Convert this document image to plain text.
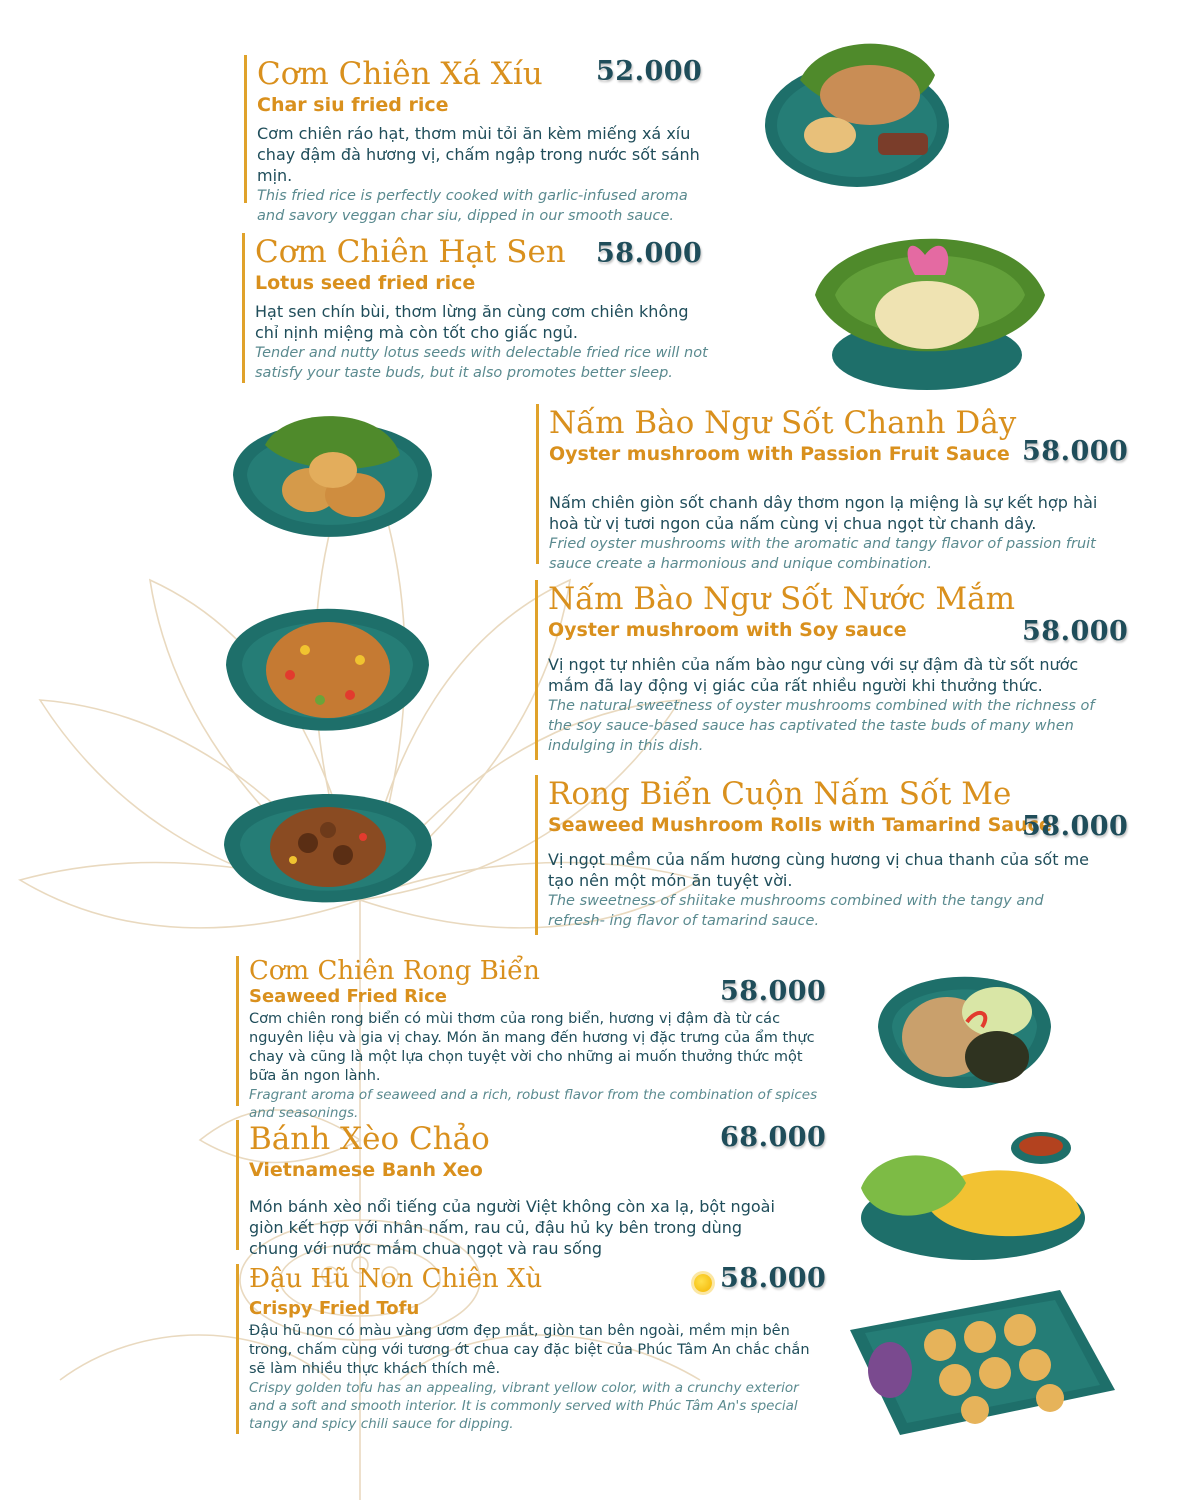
Cơm Chiên Xá Xíu
Char siu fried rice
Cơm chiên ráo hạt, thơm mùi tỏi ăn kèm miếng xá xíu chay đậm đà hương vị, chấm ngập trong nước sốt sánh mịn.
This fried rice is perfectly cooked with garlic-infused aroma and savory veggan char siu, dipped in our smooth sauce.
52.000
Cơm Chiên Hạt Sen
Lotus seed fried rice
Hạt sen chín bùi, thơm lừng ăn cùng cơm chiên không chỉ nịnh miệng mà còn tốt cho giấc ngủ.
Tender and nutty lotus seeds with delectable fried rice will not satisfy your taste buds, but it also promotes better sleep.
58.000
Nấm Bào Ngư Sốt Chanh Dây
Oyster mushroom with Passion Fruit Sauce
Nấm chiên giòn sốt chanh dây thơm ngon lạ miệng là sự kết hợp hài hoà từ vị tươi ngon của nấm cùng vị chua ngọt từ chanh dây.
Fried oyster mushrooms with the aromatic and tangy flavor of passion fruit sauce create a harmonious and unique combination.
58.000
Nấm Bào Ngư Sốt Nước Mắm
Oyster mushroom with Soy sauce
Vị ngọt tự nhiên của nấm bào ngư cùng với sự đậm đà từ sốt nước mắm đã lay động vị giác của rất nhiều người khi thưởng thức.
The natural sweetness of oyster mushrooms combined with the richness of the soy sauce-based sauce has captivated the taste buds of many when indulging in this dish.
58.000
Rong Biển Cuộn Nấm Sốt Me
Seaweed Mushroom Rolls with Tamarind Sauce
Vị ngọt mềm của nấm hương cùng hương vị chua thanh của sốt me tạo nên một món ăn tuyệt vời.
The sweetness of shiitake mushrooms combined with the tangy and refresh- ing flavor of tamarind sauce.
58.000
Cơm Chiên Rong Biển
Seaweed Fried Rice
Cơm chiên rong biển có mùi thơm của rong biển, hương vị đậm đà từ các nguyên liệu và gia vị chay. Món ăn mang đến hương vị đặc trưng của ẩm thực chay và cũng là một lựa chọn tuyệt vời cho những ai muốn thưởng thức một bữa ăn ngon lành.
Fragrant aroma of seaweed and a rich, robust flavor from the combination of spices and seasonings.
58.000
Bánh Xèo Chảo
Vietnamese Banh Xeo
Món bánh xèo nổi tiếng của người Việt không còn xa lạ, bột ngoài giòn kết hợp với nhân nấm, rau củ, đậu hủ ky bên trong dùng chung với nước mắm chua ngọt và rau sống
68.000
Đậu Hũ Non Chiên Xù
Crispy Fried Tofu
Đậu hũ non có màu vàng ươm đẹp mắt, giòn tan bên ngoài, mềm mịn bên trong, chấm cùng với tương ớt chua cay đặc biệt của Phúc Tâm An chắc chắn sẽ làm nhiều thực khách thích mê.
Crispy golden tofu has an appealing, vibrant yellow color, with a crunchy exterior and a soft and smooth interior. It is commonly served with Phúc Tâm An's special tangy and spicy chili sauce for dipping.
58.000
